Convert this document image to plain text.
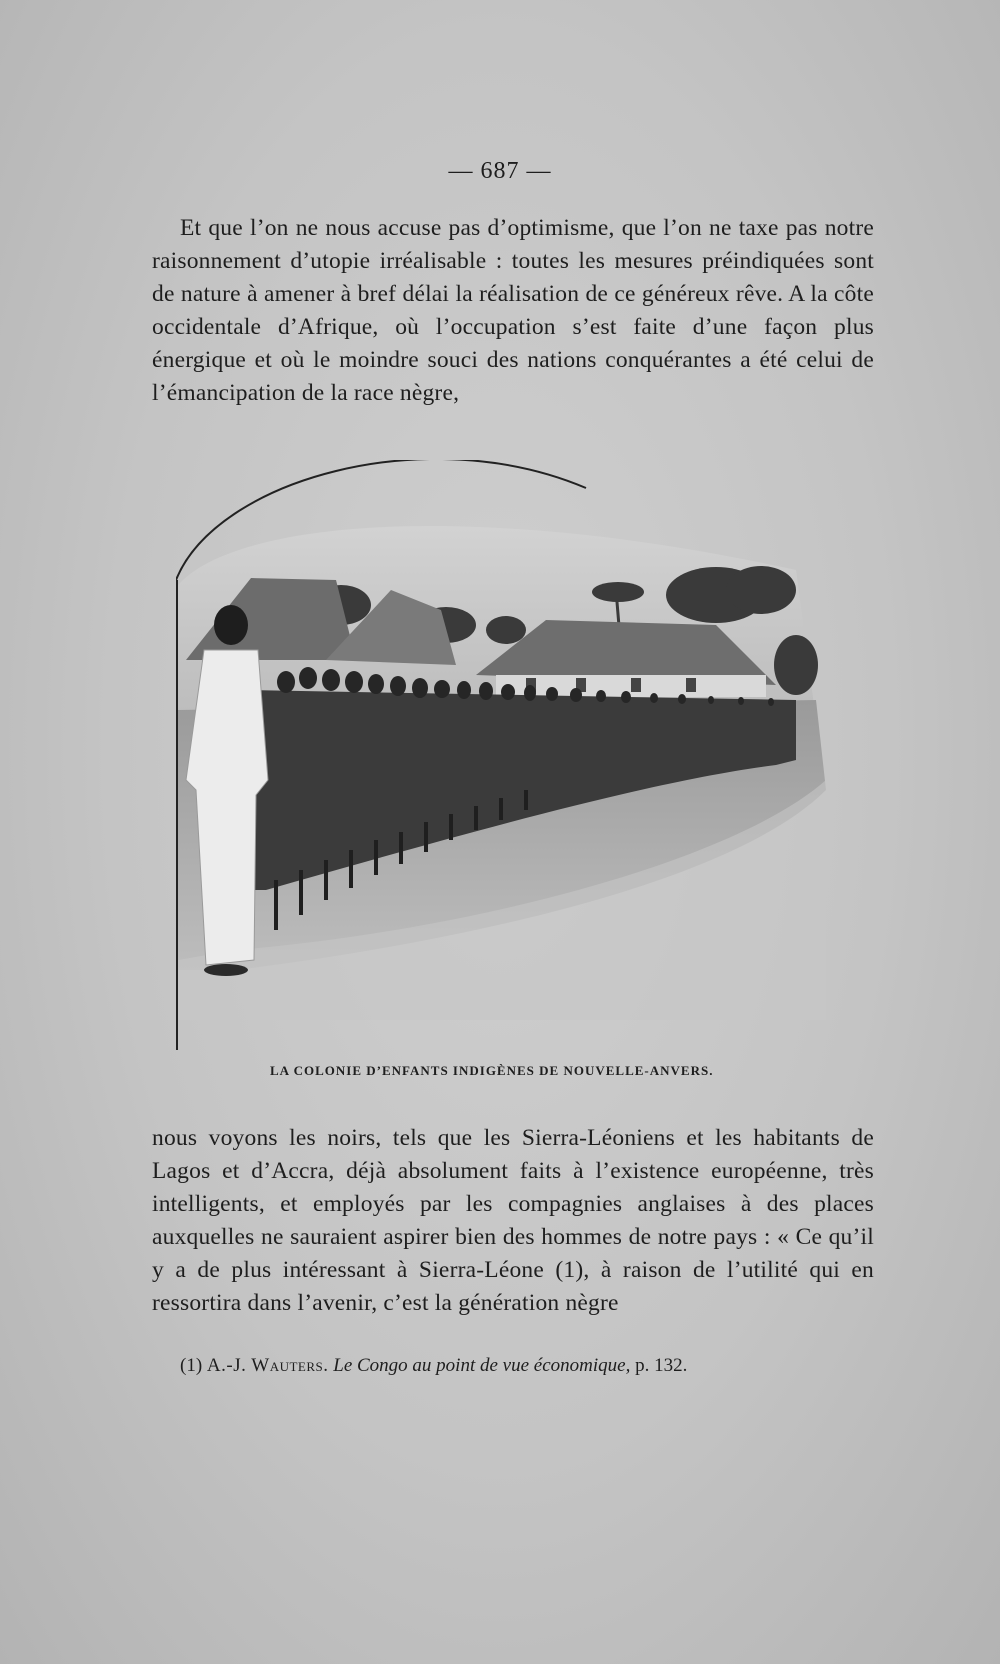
— 687 —

Et que l’on ne nous accuse pas d’optimisme, que l’on ne taxe pas notre raisonnement d’utopie irréalisable : toutes les mesures préindiquées sont de nature à amener à bref délai la réalisation de ce généreux rêve. A la côte occidentale d’Afrique, où l’occupation s’est faite d’une façon plus énergique et où le moindre souci des nations conquérantes a été celui de l’émancipation de la race nègre,

LA COLONIE D’ENFANTS INDIGÈNES DE NOUVELLE-ANVERS.

nous voyons les noirs, tels que les Sierra-Léoniens et les habitants de Lagos et d’Accra, déjà absolument faits à l’existence européenne, très intelligents, et employés par les compagnies anglaises à des places auxquelles ne sauraient aspirer bien des hommes de notre pays : « Ce qu’il y a de plus intéressant à Sierra-Léone (1), à raison de l’utilité qui en ressortira dans l’avenir, c’est la génération nègre

(1) A.-J. Wauters. Le Congo au point de vue économique, p. 132.
